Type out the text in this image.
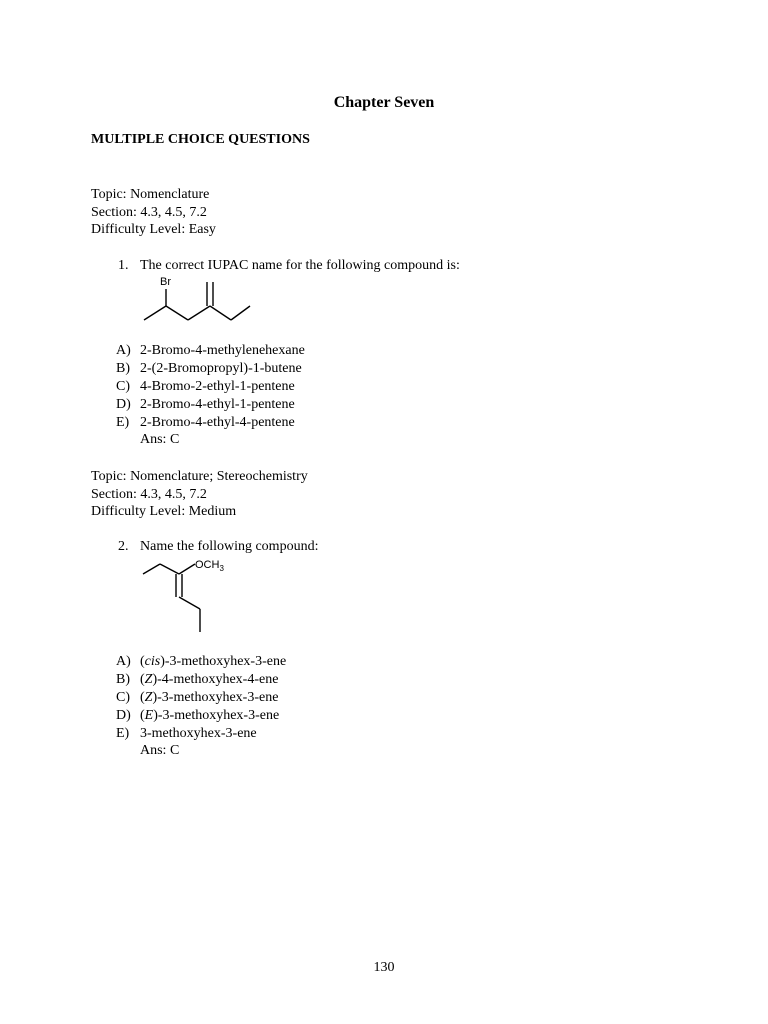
Chapter Seven
MULTIPLE CHOICE QUESTIONS
Topic: Nomenclature
Section: 4.3, 4.5, 7.2
Difficulty Level: Easy
1. The correct IUPAC name for the following compound is:
Br
A) 2-Bromo-4-methylenehexane
B) 2-(2-Bromopropyl)-1-butene
C) 4-Bromo-2-ethyl-1-pentene
D) 2-Bromo-4-ethyl-1-pentene
E) 2-Bromo-4-ethyl-4-pentene
Ans: C
Topic: Nomenclature; Stereochemistry
Section: 4.3, 4.5, 7.2
Difficulty Level: Medium
2. Name the following compound:
$OCH_3$
A) (cis)-3-methoxyhex-3-ene
B) (Z)-4-methoxyhex-4-ene
C) (Z)-3-methoxyhex-3-ene
D) (E)-3-methoxyhex-3-ene
E) 3-methoxyhex-3-ene
Ans: C
130
